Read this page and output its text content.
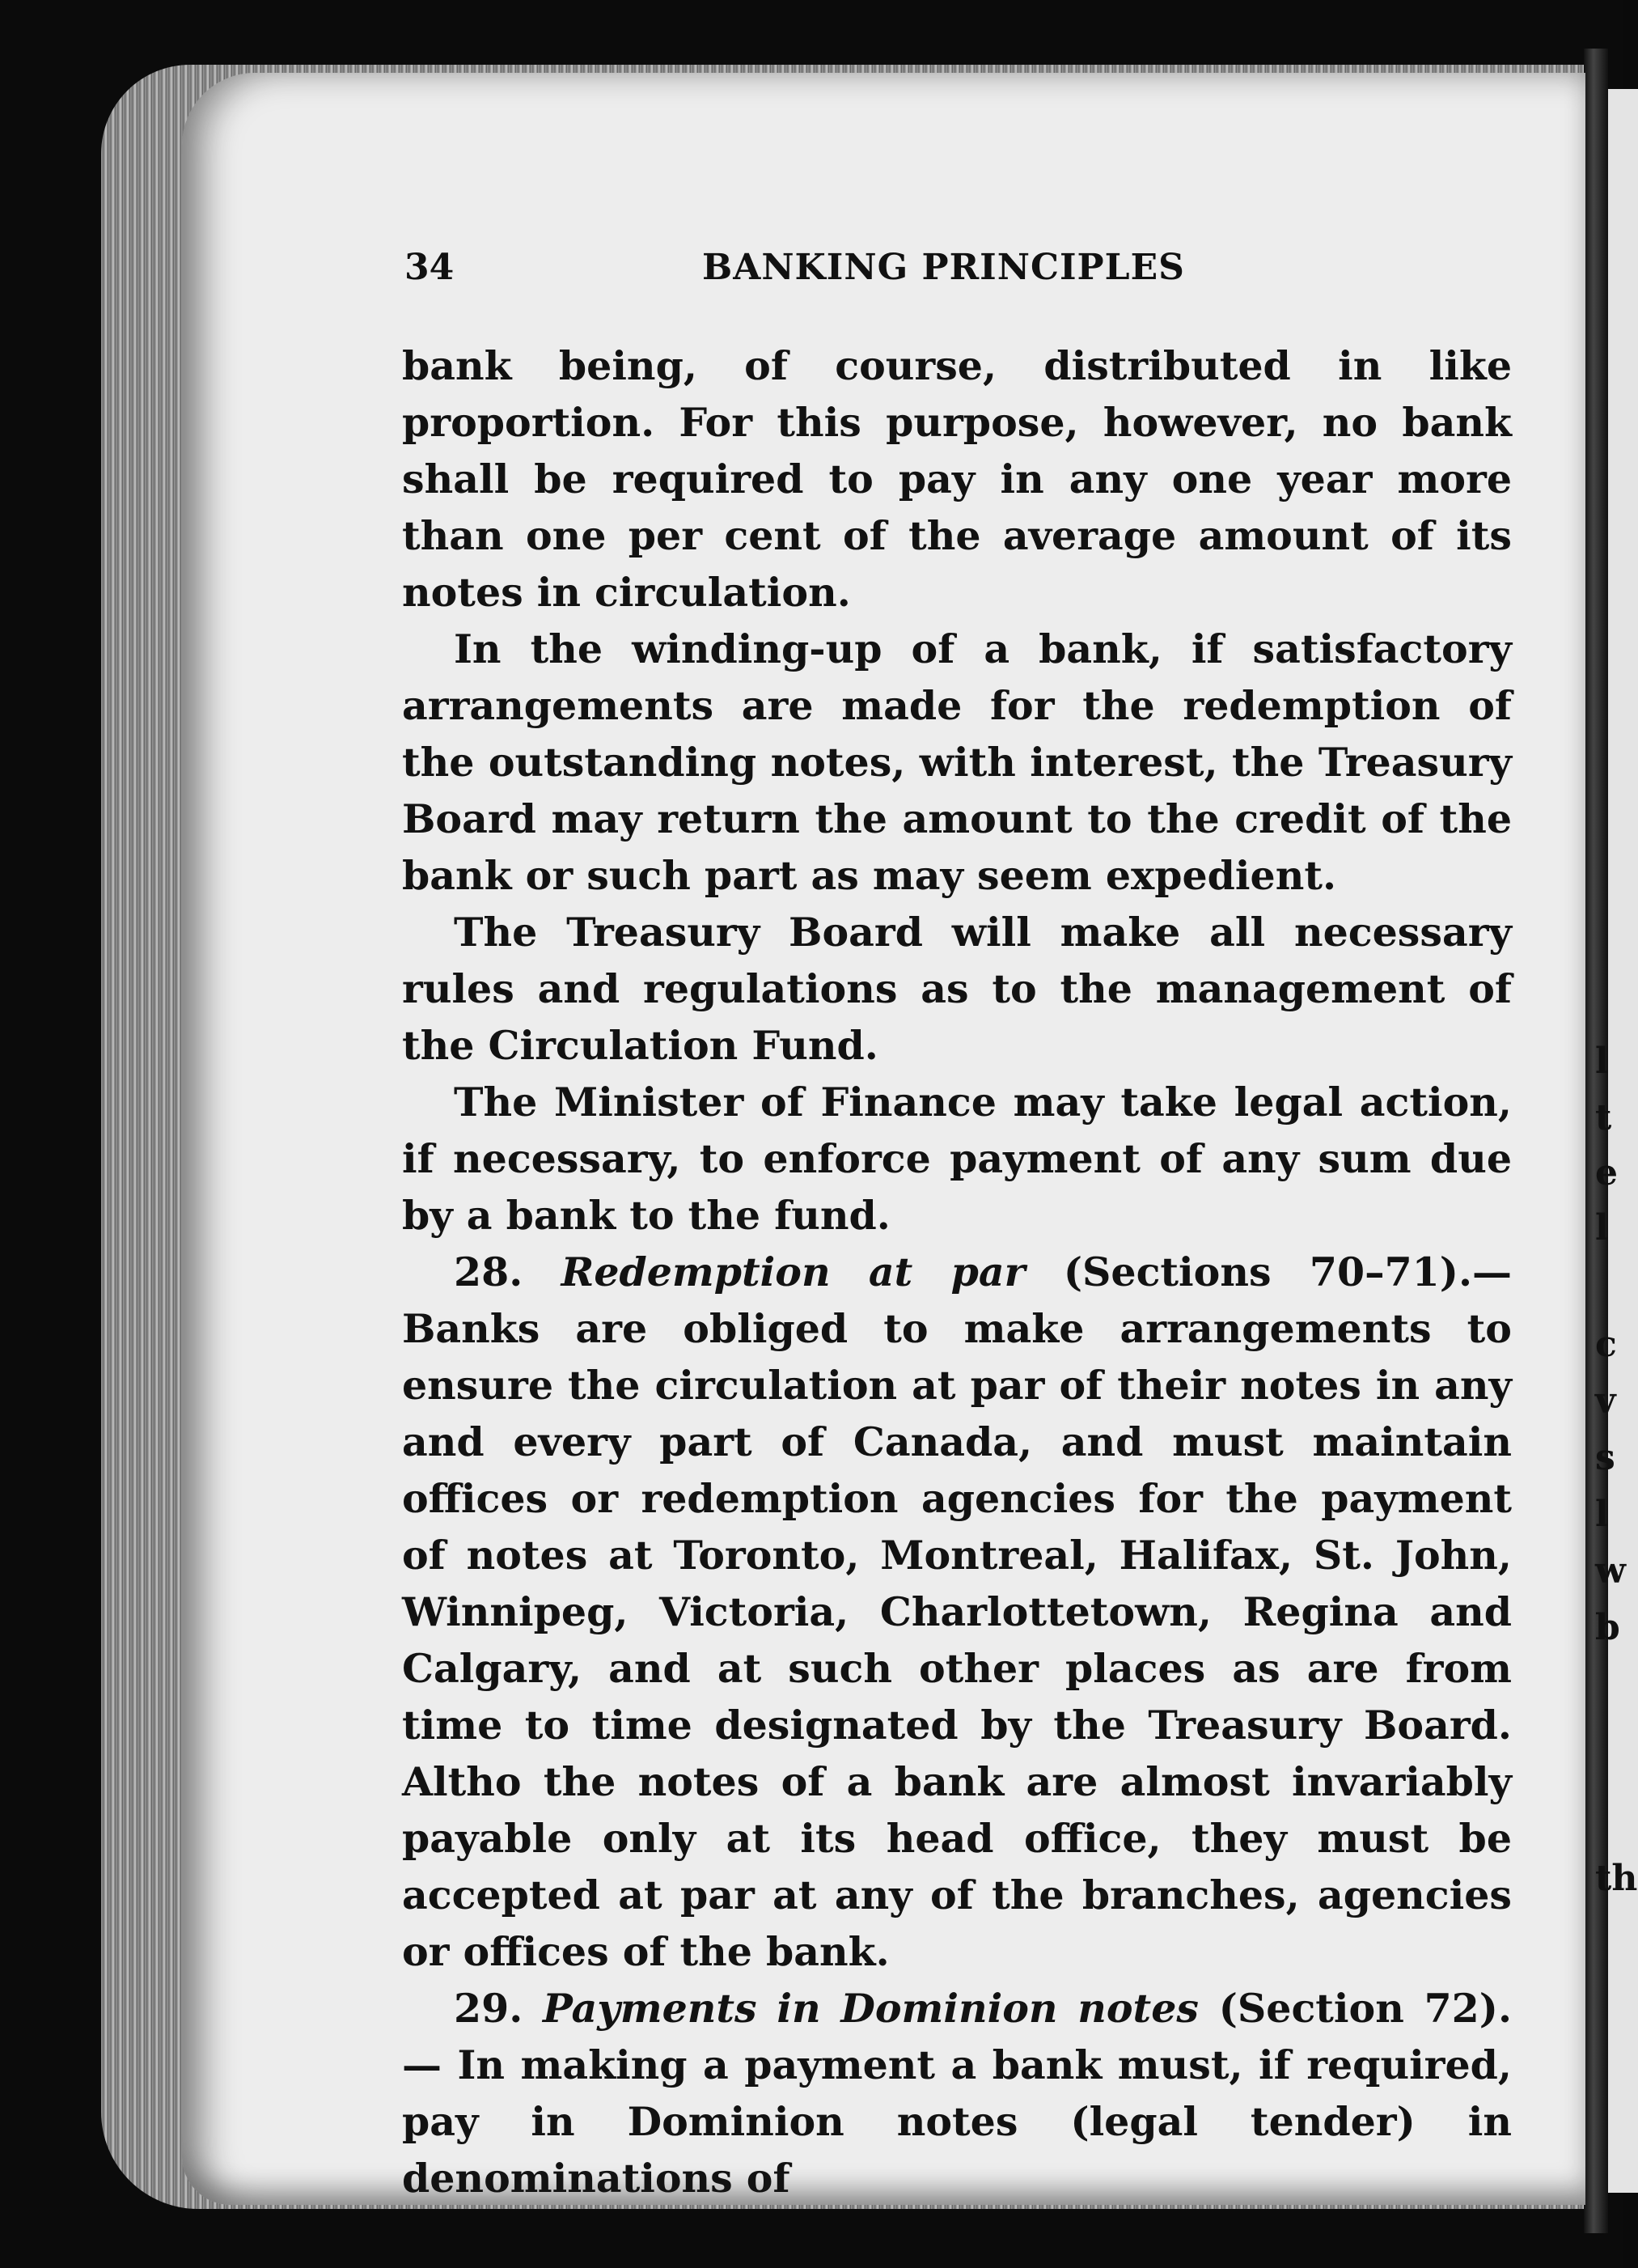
34	BANKING PRINCIPLES

bank being, of course, distributed in like proportion. For this purpose, however, no bank shall be required to pay in any one year more than one per cent of the average amount of its notes in circulation.

In the winding-up of a bank, if satisfactory arrangements are made for the redemption of the outstanding notes, with interest, the Treasury Board may return the amount to the credit of the bank or such part as may seem expedient.

The Treasury Board will make all necessary rules and regulations as to the management of the Circulation Fund.

The Minister of Finance may take legal action, if necessary, to enforce payment of any sum due by a bank to the fund.

28. Redemption at par (Sections 70–71).—Banks are obliged to make arrangements to ensure the circulation at par of their notes in any and every part of Canada, and must maintain offices or redemption agencies for the payment of notes at Toronto, Montreal, Halifax, St. John, Winnipeg, Victoria, Charlottetown, Regina and Calgary, and at such other places as are from time to time designated by the Treasury Board. Altho the notes of a bank are almost invariably payable only at its head office, they must be accepted at par at any of the branches, agencies or offices of the bank.

29. Payments in Dominion notes (Section 72).— In making a payment a bank must, if required, pay in Dominion notes (legal tender) in denominations of

l
t
e
l
c
v
s
l
w
b
th
